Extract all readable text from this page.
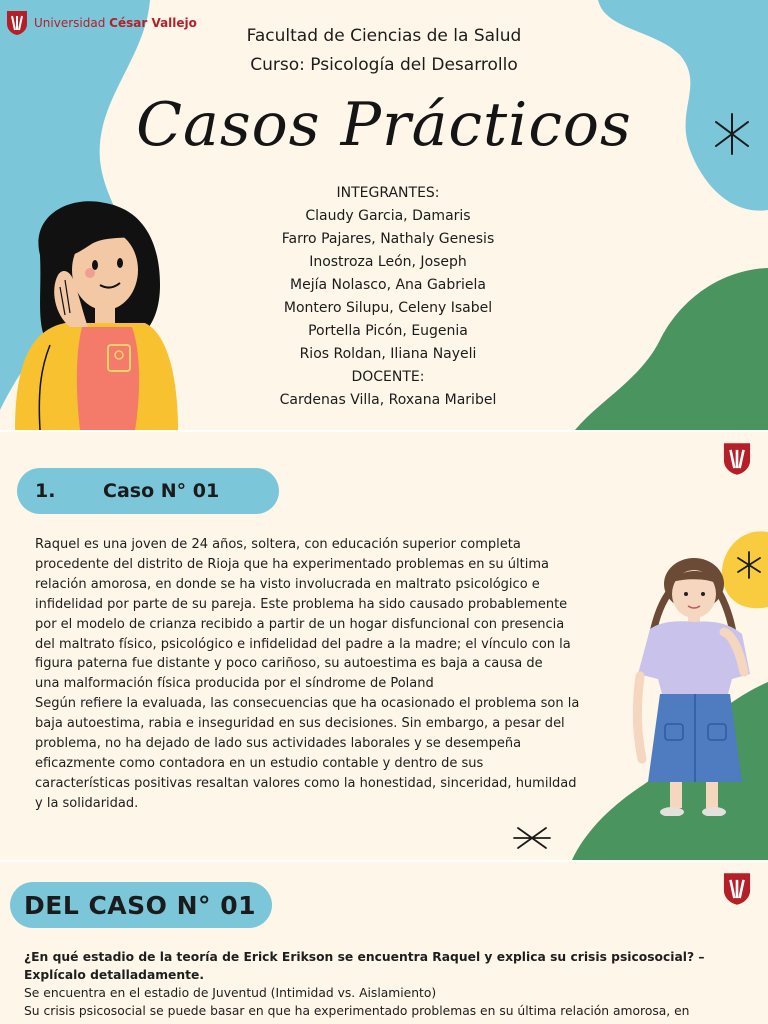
Universidad César Vallejo
Facultad de Ciencias de la Salud
Curso: Psicología del Desarrollo
Casos Prácticos
INTEGRANTES:
Claudy Garcia, Damaris
Farro Pajares, Nathaly Genesis
Inostroza León, Joseph
Mejía Nolasco, Ana Gabriela
Montero Silupu, Celeny Isabel
Portella Picón, Eugenia
Rios Roldan, Iliana Nayeli
DOCENTE:
Cardenas Villa, Roxana Maribel
1.	Caso N° 01
Raquel es una joven de 24 años, soltera, con educación superior completa
procedente del distrito de Rioja que ha experimentado problemas en su última
relación amorosa, en donde se ha visto involucrada en maltrato psicológico e
infidelidad por parte de su pareja. Este problema ha sido causado probablemente
por el modelo de crianza recibido a partir de un hogar disfuncional con presencia
del maltrato físico, psicológico e infidelidad del padre a la madre; el vínculo con la
figura paterna fue distante y poco cariñoso, su autoestima es baja a causa de
una malformación física producida por el síndrome de Poland
Según refiere la evaluada, las consecuencias que ha ocasionado el problema son la
baja autoestima, rabia e inseguridad en sus decisiones. Sin embargo, a pesar del
problema, no ha dejado de lado sus actividades laborales y se desempeña
eficazmente como contadora en un estudio contable y dentro de sus
características positivas resaltan valores como la honestidad, sinceridad, humildad
y la solidaridad.
DEL CASO N° 01
¿En qué estadio de la teoría de Erick Erikson se encuentra Raquel y explica su crisis psicosocial? –
Explícalo detalladamente.
Se encuentra en el estadio de Juventud (Intimidad vs. Aislamiento)
Su crisis psicosocial se puede basar en que ha experimentado problemas en su última relación amorosa, en
